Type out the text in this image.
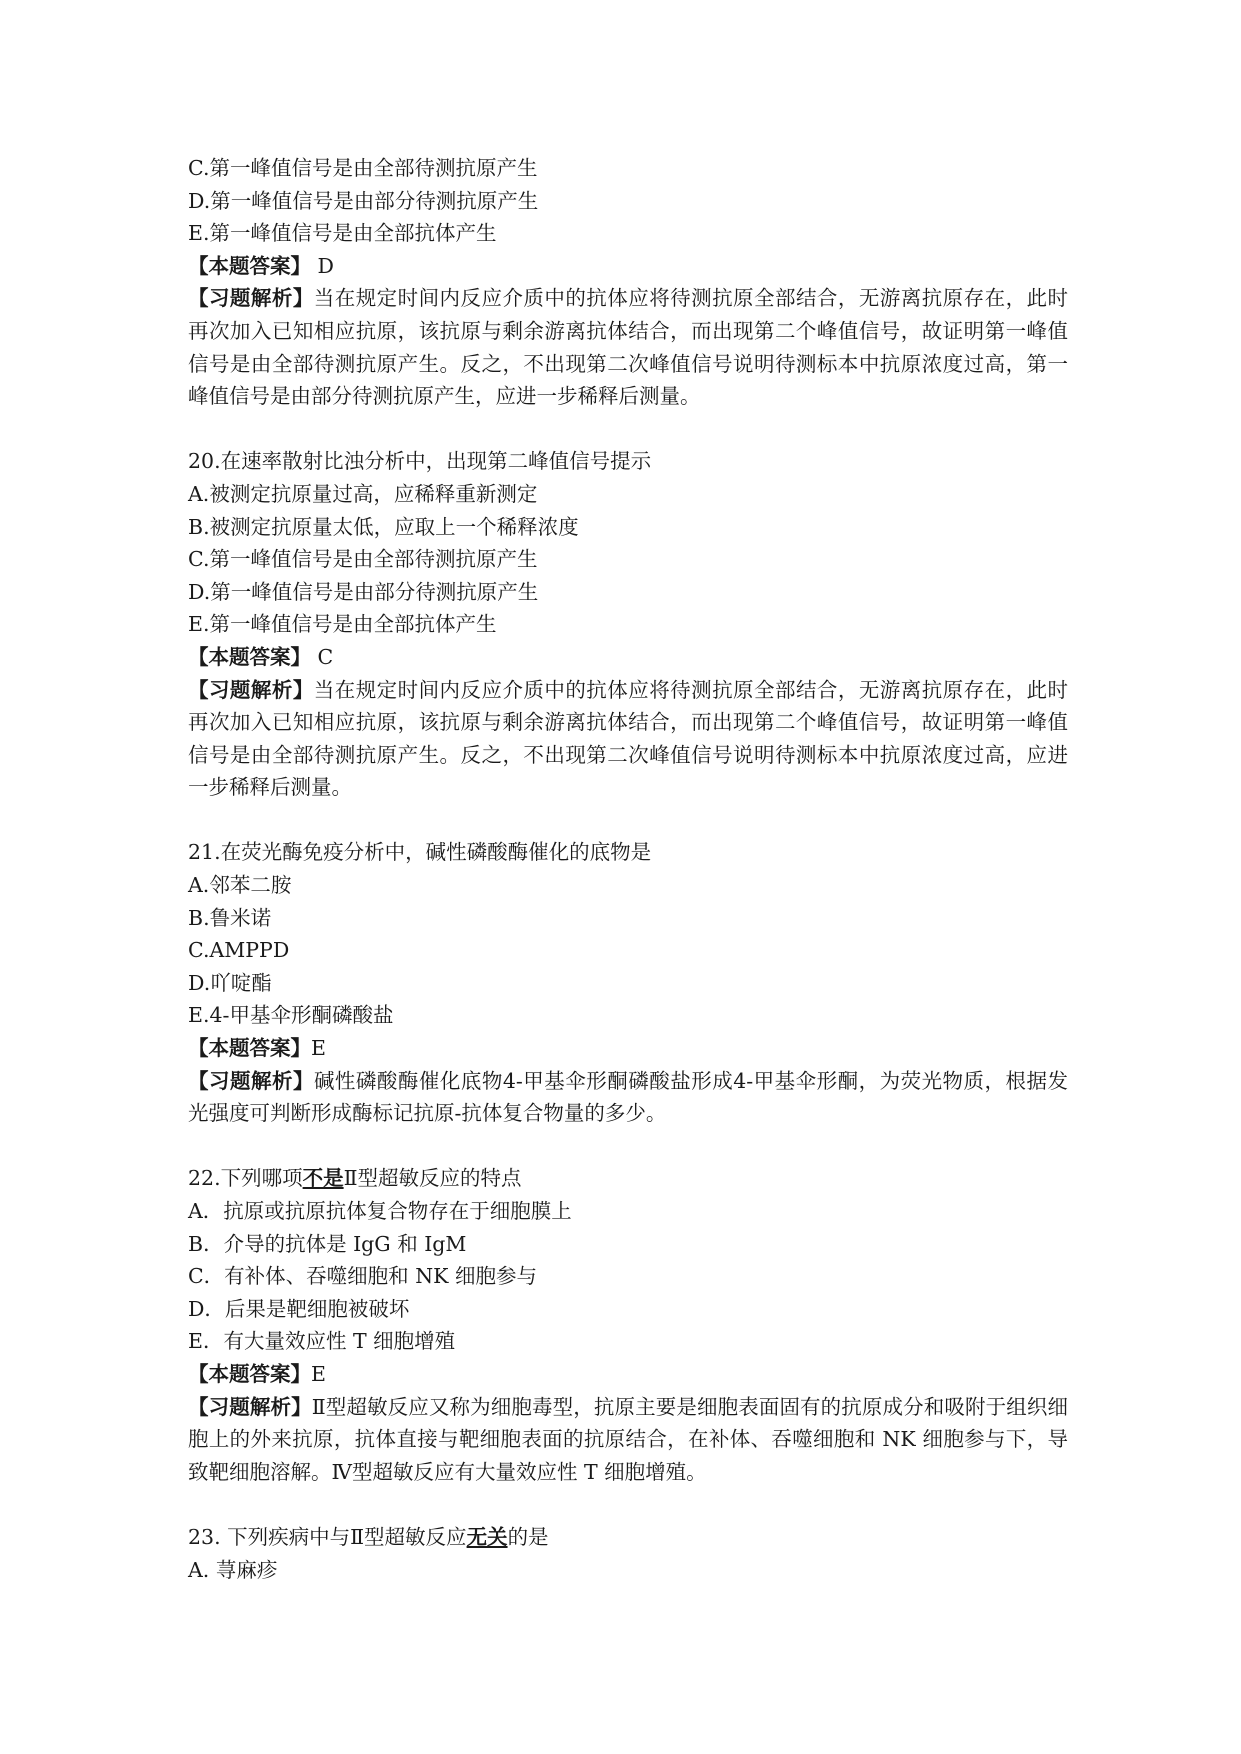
C.第一峰值信号是由全部待测抗原产生
D.第一峰值信号是由部分待测抗原产生
E.第一峰值信号是由全部抗体产生
【本题答案】 D
【习题解析】当在规定时间内反应介质中的抗体应将待测抗原全部结合，无游离抗原存在，此时再次加入已知相应抗原，该抗原与剩余游离抗体结合，而出现第二个峰值信号，故证明第一峰值信号是由全部待测抗原产生。反之，不出现第二次峰值信号说明待测标本中抗原浓度过高，第一峰值信号是由部分待测抗原产生，应进一步稀释后测量。
20.在速率散射比浊分析中，出现第二峰值信号提示
A.被测定抗原量过高，应稀释重新测定
B.被测定抗原量太低，应取上一个稀释浓度
C.第一峰值信号是由全部待测抗原产生
D.第一峰值信号是由部分待测抗原产生
E.第一峰值信号是由全部抗体产生
【本题答案】 C
【习题解析】当在规定时间内反应介质中的抗体应将待测抗原全部结合，无游离抗原存在，此时再次加入已知相应抗原，该抗原与剩余游离抗体结合，而出现第二个峰值信号，故证明第一峰值信号是由全部待测抗原产生。反之，不出现第二次峰值信号说明待测标本中抗原浓度过高，应进一步稀释后测量。
21.在荧光酶免疫分析中，碱性磷酸酶催化的底物是
A.邻苯二胺
B.鲁米诺
C.AMPPD
D.吖啶酯
E.4-甲基伞形酮磷酸盐
【本题答案】E
【习题解析】碱性磷酸酶催化底物4-甲基伞形酮磷酸盐形成4-甲基伞形酮，为荧光物质，根据发光强度可判断形成酶标记抗原-抗体复合物量的多少。
22.下列哪项不是Ⅱ型超敏反应的特点
A．抗原或抗原抗体复合物存在于细胞膜上
B．介导的抗体是 IgG 和 IgM
C．有补体、吞噬细胞和 NK 细胞参与
D．后果是靶细胞被破坏
E．有大量效应性 T 细胞增殖
【本题答案】E
【习题解析】Ⅱ型超敏反应又称为细胞毒型，抗原主要是细胞表面固有的抗原成分和吸附于组织细胞上的外来抗原，抗体直接与靶细胞表面的抗原结合，在补体、吞噬细胞和 NK 细胞参与下，导致靶细胞溶解。Ⅳ型超敏反应有大量效应性 T 细胞增殖。
23. 下列疾病中与Ⅱ型超敏反应无关的是
A. 荨麻疹
